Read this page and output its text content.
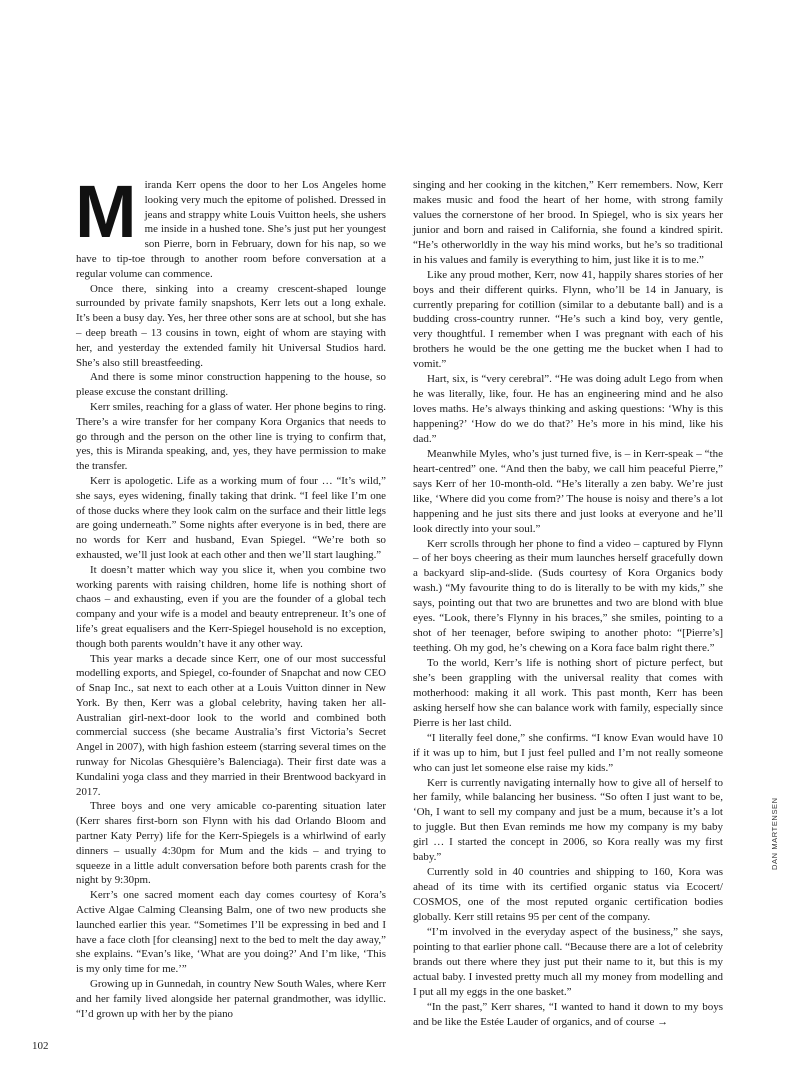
Miranda Kerr opens the door to her Los Angeles home looking very much the epitome of polished. Dressed in jeans and strappy white Louis Vuitton heels, she ushers me inside in a hushed tone. She’s just put her youngest son Pierre, born in February, down for his nap, so we have to tip-toe through to another room before conversation at a regular volume can commence.

Once there, sinking into a creamy crescent-shaped lounge surrounded by private family snapshots, Kerr lets out a long exhale. It’s been a busy day. Yes, her three other sons are at school, but she has – deep breath – 13 cousins in town, eight of whom are staying with her, and yesterday the extended family hit Universal Studios hard. She’s also still breastfeeding.

And there is some minor construction happening to the house, so please excuse the constant drilling.

Kerr smiles, reaching for a glass of water. Her phone begins to ring. There’s a wire transfer for her company Kora Organics that needs to go through and the person on the other line is trying to confirm that, yes, this is Miranda speaking, and, yes, they have permission to make the transfer.

Kerr is apologetic. Life as a working mum of four … “It’s wild,” she says, eyes widening, finally taking that drink. “I feel like I’m one of those ducks where they look calm on the surface and their little legs are going underneath.” Some nights after everyone is in bed, there are no words for Kerr and husband, Evan Spiegel. “We’re both so exhausted, we’ll just look at each other and then we’ll start laughing.”

It doesn’t matter which way you slice it, when you combine two working parents with raising children, home life is nothing short of chaos – and exhausting, even if you are the founder of a global tech company and your wife is a model and beauty entrepreneur. It’s one of life’s great equalisers and the Kerr-Spiegel household is no exception, though both parents wouldn’t have it any other way.

This year marks a decade since Kerr, one of our most successful modelling exports, and Spiegel, co-founder of Snapchat and now CEO of Snap Inc., sat next to each other at a Louis Vuitton dinner in New York. By then, Kerr was a global celebrity, having taken her all-Australian girl-next-door look to the world and combined both commercial success (she became Australia’s first Victoria’s Secret Angel in 2007), with high fashion esteem (starring several times on the runway for Nicolas Ghesquière’s Balenciaga). Their first date was a Kundalini yoga class and they married in their Brentwood backyard in 2017.

Three boys and one very amicable co-parenting situation later (Kerr shares first-born son Flynn with his dad Orlando Bloom and partner Katy Perry) life for the Kerr-Spiegels is a whirlwind of early dinners – usually 4:30pm for Mum and the kids – and trying to squeeze in a little adult conversation before both parents crash for the night by 9:30pm.

Kerr’s one sacred moment each day comes courtesy of Kora’s Active Algae Calming Cleansing Balm, one of two new products she launched earlier this year. “Sometimes I’ll be expressing in bed and I have a face cloth [for cleansing] next to the bed to melt the day away,” she explains. “Evan’s like, ‘What are you doing?’ And I’m like, ‘This is my only time for me.’”

Growing up in Gunnedah, in country New South Wales, where Kerr and her family lived alongside her paternal grandmother, was idyllic. “I’d grown up with her by the piano

singing and her cooking in the kitchen,” Kerr remembers. Now, Kerr makes music and food the heart of her home, with strong family values the cornerstone of her brood. In Spiegel, who is six years her junior and born and raised in California, she found a kindred spirit. “He’s otherworldly in the way his mind works, but he’s so traditional in his values and family is everything to him, just like it is to me.”

Like any proud mother, Kerr, now 41, happily shares stories of her boys and their different quirks. Flynn, who’ll be 14 in January, is currently preparing for cotillion (similar to a debutante ball) and is a budding cross-country runner. “He’s such a kind boy, very gentle, very thoughtful. I remember when I was pregnant with each of his brothers he would be the one getting me the bucket when I had to vomit.”

Hart, six, is “very cerebral”. “He was doing adult Lego from when he was literally, like, four. He has an engineering mind and he also loves maths. He’s always thinking and asking questions: ‘Why is this happening?’ ‘How do we do that?’ He’s more in his mind, like his dad.”

Meanwhile Myles, who’s just turned five, is – in Kerr-speak – “the heart-centred” one. “And then the baby, we call him peaceful Pierre,” says Kerr of her 10-month-old. “He’s literally a zen baby. We’re just like, ‘Where did you come from?’ The house is noisy and there’s a lot happening and he just sits there and just looks at everyone and he’ll look directly into your soul.”

Kerr scrolls through her phone to find a video – captured by Flynn – of her boys cheering as their mum launches herself gracefully down a backyard slip-and-slide. (Suds courtesy of Kora Organics body wash.) “My favourite thing to do is literally to be with my kids,” she says, pointing out that two are brunettes and two are blond with blue eyes. “Look, there’s Flynny in his braces,” she smiles, pointing to a shot of her teenager, before swiping to another photo: “[Pierre’s] teething. Oh my god, he’s chewing on a Kora face balm right there.”

To the world, Kerr’s life is nothing short of picture perfect, but she’s been grappling with the universal reality that comes with motherhood: making it all work. This past month, Kerr has been asking herself how she can balance work with family, especially since Pierre is her last child.

“I literally feel done,” she confirms. “I know Evan would have 10 if it was up to him, but I just feel pulled and I’m not really someone who can just let someone else raise my kids.”

Kerr is currently navigating internally how to give all of herself to her family, while balancing her business. “So often I just want to be, ‘Oh, I want to sell my company and just be a mum, because it’s a lot to juggle. But then Evan reminds me how my company is my baby girl … I started the concept in 2006, so Kora really was my first baby.”

Currently sold in 40 countries and shipping to 160, Kora was ahead of its time with its certified organic status via Ecocert/ COSMOS, one of the most reputed organic certification bodies globally. Kerr still retains 95 per cent of the company.

“I’m involved in the everyday aspect of the business,” she says, pointing to that earlier phone call. “Because there are a lot of celebrity brands out there where they just put their name to it, but this is my actual baby. I invested pretty much all my money from modelling and I put all my eggs in the one basket.”

“In the past,” Kerr shares, “I wanted to hand it down to my boys and be like the Estée Lauder of organics, and of course →

DAN MARTENSEN
102
